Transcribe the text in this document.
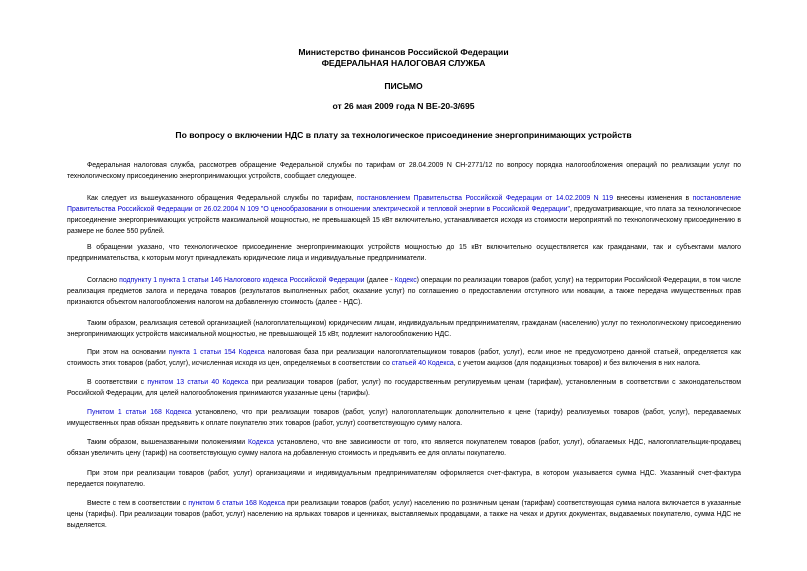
Министерство финансов Российской Федерации
ФЕДЕРАЛЬНАЯ НАЛОГОВАЯ СЛУЖБА
ПИСЬМО
от 26 мая 2009 года N ВЕ-20-3/695
По вопросу о включении НДС в плату за технологическое присоединение энергопринимающих устройств

Федеральная налоговая служба, рассмотрев обращение Федеральной службы по тарифам от 28.04.2009 N СН-2771/12 по вопросу порядка налогообложения операций по реализации услуг по технологическому присоединению энергопринимающих устройств, сообщает следующее.

Как следует из вышеуказанного обращения Федеральной службы по тарифам, постановлением Правительства Российской Федерации от 14.02.2009 N 119 внесены изменения в постановление Правительства Российской Федерации от 26.02.2004 N 109 "О ценообразовании в отношении электрической и тепловой энергии в Российской Федерации", предусматривающие, что плата за технологическое присоединение энергопринимающих устройств максимальной мощностью, не превышающей 15 кВт включительно, устанавливается исходя из стоимости мероприятий по технологическому присоединению в размере не более 550 рублей.

В обращении указано, что технологическое присоединение энергопринимающих устройств мощностью до 15 кВт включительно осуществляется как гражданами, так и субъектами малого предпринимательства, к которым могут принадлежать юридические лица и индивидуальные предприниматели.

Согласно подпункту 1 пункта 1 статьи 146 Налогового кодекса Российской Федерации (далее - Кодекс) операции по реализации товаров (работ, услуг) на территории Российской Федерации, в том числе реализация предметов залога и передача товаров (результатов выполненных работ, оказание услуг) по соглашению о предоставлении отступного или новации, а также передача имущественных прав признаются объектом налогообложения налогом на добавленную стоимость (далее - НДС).

Таким образом, реализация сетевой организацией (налогоплательщиком) юридическим лицам, индивидуальным предпринимателям, гражданам (населению) услуг по технологическому присоединению энергопринимающих устройств максимальной мощностью, не превышающей 15 кВт, подлежит налогообложению НДС.

При этом на основании пункта 1 статьи 154 Кодекса налоговая база при реализации налогоплательщиком товаров (работ, услуг), если иное не предусмотрено данной статьей, определяется как стоимость этих товаров (работ, услуг), исчисленная исходя из цен, определяемых в соответствии со статьей 40 Кодекса, с учетом акцизов (для подакцизных товаров) и без включения в них налога.

В соответствии с пунктом 13 статьи 40 Кодекса при реализации товаров (работ, услуг) по государственным регулируемым ценам (тарифам), установленным в соответствии с законодательством Российской Федерации, для целей налогообложения принимаются указанные цены (тарифы).

Пунктом 1 статьи 168 Кодекса установлено, что при реализации товаров (работ, услуг) налогоплательщик дополнительно к цене (тарифу) реализуемых товаров (работ, услуг), передаваемых имущественных прав обязан предъявить к оплате покупателю этих товаров (работ, услуг) соответствующую сумму налога.

Таким образом, вышеназванными положениями Кодекса установлено, что вне зависимости от того, кто является покупателем товаров (работ, услуг), облагаемых НДС, налогоплательщик-продавец обязан увеличить цену (тариф) на соответствующую сумму налога на добавленную стоимость и предъявить ее для оплаты покупателю.

При этом при реализации товаров (работ, услуг) организациями и индивидуальным предпринимателям оформляется счет-фактура, в котором указывается сумма НДС. Указанный счет-фактура передается покупателю.

Вместе с тем в соответствии с пунктом 6 статьи 168 Кодекса при реализации товаров (работ, услуг) населению по розничным ценам (тарифам) соответствующая сумма налога включается в указанные цены (тарифы). При реализации товаров (работ, услуг) населению на ярлыках товаров и ценниках, выставляемых продавцами, а также на чеках и других документах, выдаваемых покупателю, сумма НДС не выделяется.
